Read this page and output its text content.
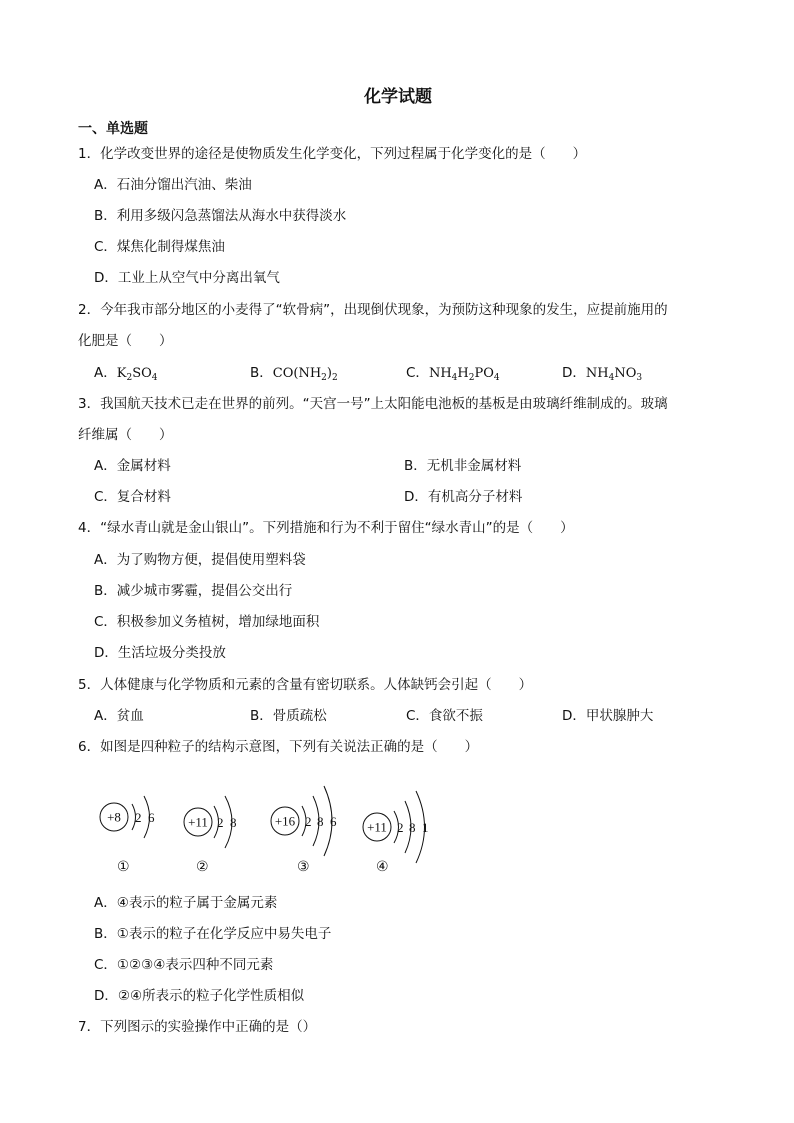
化学试题
一、单选题
1．化学改变世界的途径是使物质发生化学变化，下列过程属于化学变化的是（　　）
A．石油分馏出汽油、柴油
B．利用多级闪急蒸馏法从海水中获得淡水
C．煤焦化制得煤焦油
D．工业上从空气中分离出氧气
2．今年我市部分地区的小麦得了“软骨病”，出现倒伏现象，为预防这种现象的发生，应提前施用的
化肥是（　　）
A．$K_2SO_4$	B．$CO(NH_2)_2$	C．$NH_4H_2PO_4$	D．$NH_4NO_3$
3．我国航天技术已走在世界的前列。“天宫一号”上太阳能电池板的基板是由玻璃纤维制成的。玻璃
纤维属（　　）
A．金属材料	B．无机非金属材料
C．复合材料	D．有机高分子材料
4．“绿水青山就是金山银山”。下列措施和行为不利于留住“绿水青山”的是（　　）
A．为了购物方便，提倡使用塑料袋
B．减少城市雾霾，提倡公交出行
C．积极参加义务植树，增加绿地面积
D．生活垃圾分类投放
5．人体健康与化学物质和元素的含量有密切联系。人体缺钙会引起（　　）
A．贫血	B．骨质疏松	C．食欲不振	D．甲状腺肿大
6．如图是四种粒子的结构示意图，下列有关说法正确的是（　　）
+8 2 6	+11 2 8	+16 2 8 6 +11 2 8 1
①	②	③	④
A．④表示的粒子属于金属元素
B．①表示的粒子在化学反应中易失电子
C．①②③④表示四种不同元素
D．②④所表示的粒子化学性质相似
7．下列图示的实验操作中正确的是（）
